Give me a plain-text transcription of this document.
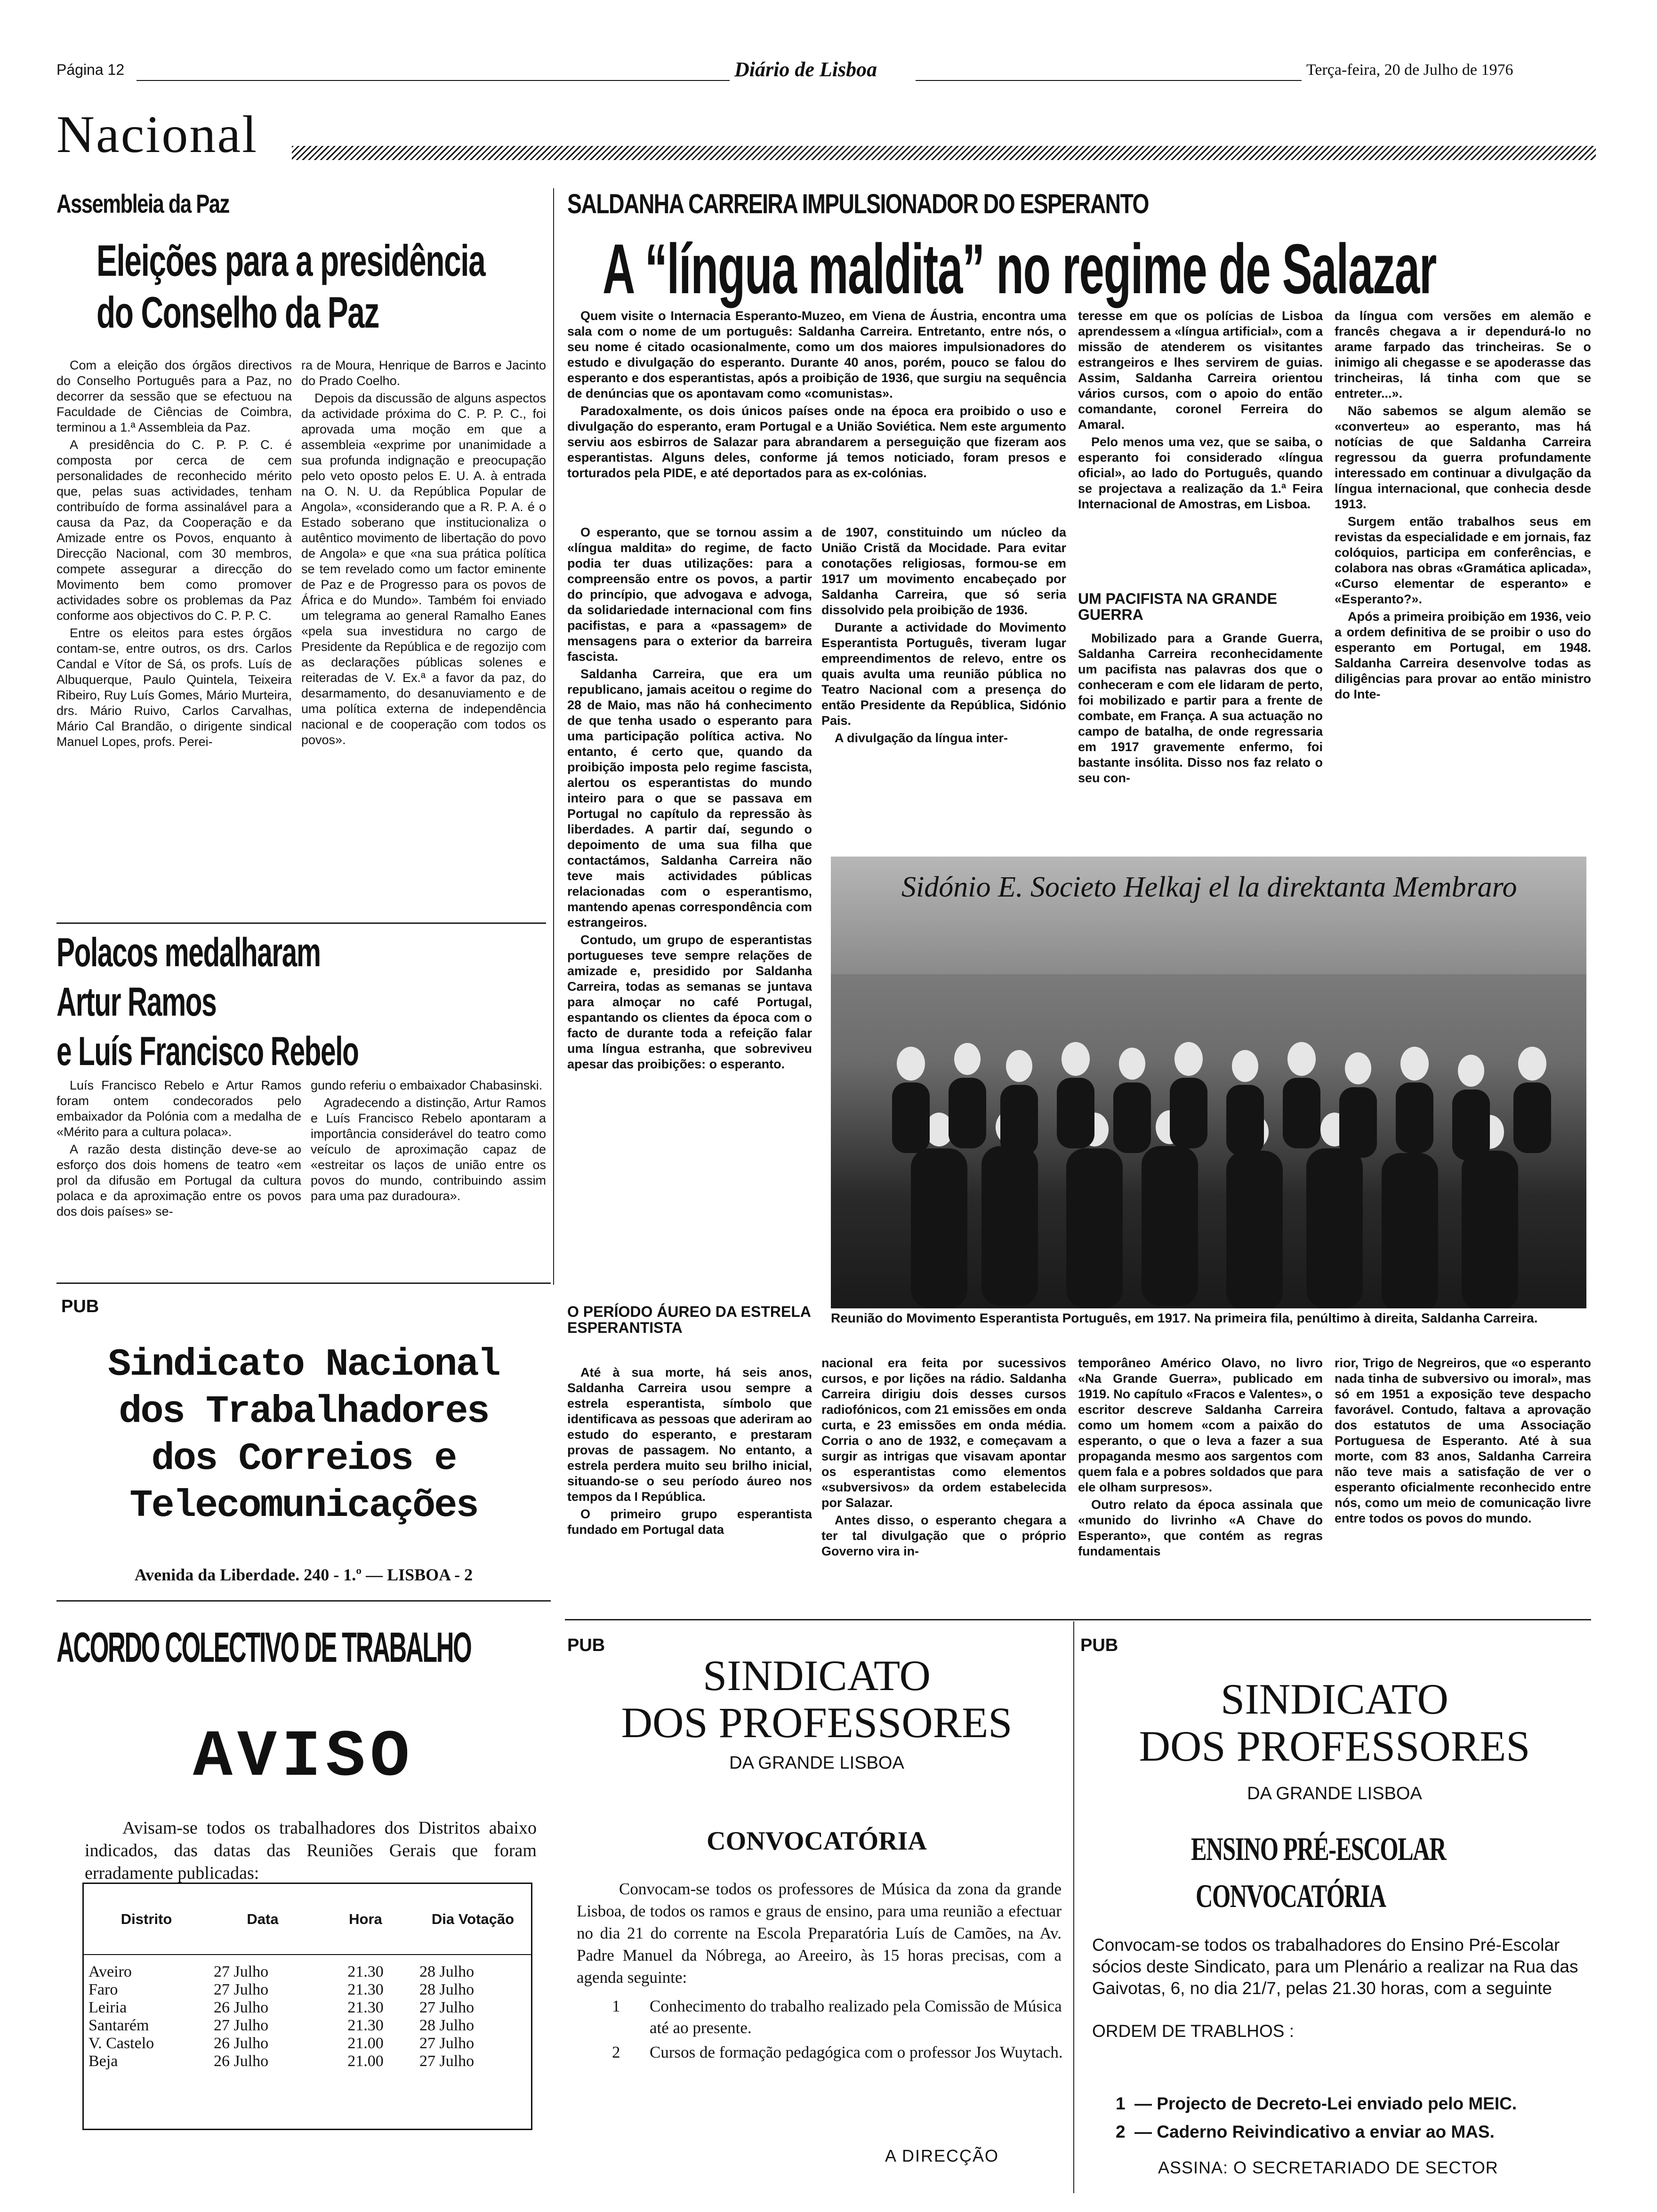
Página 12	Diário de Lisboa	Terça-feira, 20 de Julho de 1976
Nacional
Assembleia da Paz
Eleições para a presidência
do Conselho da Paz

Com a eleição dos órgãos directivos do Conselho Português para a Paz, no decorrer da sessão que se efectuou na Faculdade de Ciências de Coimbra, terminou a 1.ª Assembleia da Paz.

A presidência do C. P. P. C. é composta por cerca de cem personalidades de reconhecido mérito que, pelas suas actividades, tenham contribuído de forma assinalável para a causa da Paz, da Cooperação e da Amizade entre os Povos, enquanto à Direcção Nacional, com 30 membros, compete assegurar a direcção do Movimento bem como promover actividades sobre os problemas da Paz conforme aos objectivos do C. P. P. C.

Entre os eleitos para estes órgãos contam-se, entre outros, os drs. Carlos Candal e Vítor de Sá, os profs. Luís de Albuquerque, Paulo Quintela, Teixeira Ribeiro, Ruy Luís Gomes, Mário Murteira, drs. Mário Ruivo, Carlos Carvalhas, Mário Cal Brandão, o dirigente sindical Manuel Lopes, profs. Perei-

ra de Moura, Henrique de Barros e Jacinto do Prado Coelho.

Depois da discussão de alguns aspectos da actividade próxima do C. P. P. C., foi aprovada uma moção em que a assembleia «exprime por unanimidade a sua profunda indignação e preocupação pelo veto oposto pelos E. U. A. à entrada na O. N. U. da República Popular de Angola», «considerando que a R. P. A. é o Estado soberano que institucionaliza o autêntico movimento de libertação do povo de Angola» e que «na sua prática política se tem revelado como um factor eminente de Paz e de Progresso para os povos de África e do Mundo». Também foi enviado um telegrama ao general Ramalho Eanes «pela sua investidura no cargo de Presidente da República e de regozijo com as declarações públicas solenes e reiteradas de V. Ex.ª a favor da paz, do desarmamento, do desanuviamento e de uma política externa de independência nacional e de cooperação com todos os povos».

Polacos medalharam
Artur Ramos
e Luís Francisco Rebelo

Luís Francisco Rebelo e Artur Ramos foram ontem condecorados pelo embaixador da Polónia com a medalha de «Mérito para a cultura polaca».

A razão desta distinção deve-se ao esforço dos dois homens de teatro «em prol da difusão em Portugal da cultura polaca e da aproximação entre os povos dos dois países» se-

gundo referiu o embaixador Chabasinski.

Agradecendo a distinção, Artur Ramos e Luís Francisco Rebelo apontaram a importância considerável do teatro como veículo de aproximação capaz de «estreitar os laços de união entre os povos do mundo, contribuindo assim para uma paz duradoura».

SALDANHA CARREIRA IMPULSIONADOR DO ESPERANTO
A “língua maldita” no regime de Salazar

Quem visite o Internacia Esperanto-Muzeo, em Viena de Áustria, encontra uma sala com o nome de um português: Saldanha Carreira. Entretanto, entre nós, o seu nome é citado ocasionalmente, como um dos maiores impulsionadores do estudo e divulgação do esperanto. Durante 40 anos, porém, pouco se falou do esperanto e dos esperantistas, após a proibição de 1936, que surgiu na sequência de denúncias que os apontavam como «comunistas».

Paradoxalmente, os dois únicos países onde na época era proibido o uso e divulgação do esperanto, eram Portugal e a União Soviética. Nem este argumento serviu aos esbirros de Salazar para abrandarem a perseguição que fizeram aos esperantistas. Alguns deles, conforme já temos noticiado, foram presos e torturados pela PIDE, e até deportados para as ex-colónias.

O esperanto, que se tornou assim a «língua maldita» do regime, de facto podia ter duas utilizações: para a compreensão entre os povos, a partir do princípio, que advogava e advoga, da solidariedade internacional com fins pacifistas, e para a «passagem» de mensagens para o exterior da barreira fascista.

Saldanha Carreira, que era um republicano, jamais aceitou o regime do 28 de Maio, mas não há conhecimento de que tenha usado o esperanto para uma participação política activa. No entanto, é certo que, quando da proibição imposta pelo regime fascista, alertou os esperantistas do mundo inteiro para o que se passava em Portugal no capítulo da repressão às liberdades. A partir daí, segundo o depoimento de uma sua filha que contactámos, Saldanha Carreira não teve mais actividades públicas relacionadas com o esperantismo, mantendo apenas correspondência com estrangeiros.

Contudo, um grupo de esperantistas portugueses teve sempre relações de amizade e, presidido por Saldanha Carreira, todas as semanas se juntava para almoçar no café Portugal, espantando os clientes da época com o facto de durante toda a refeição falar uma língua estranha, que sobreviveu apesar das proibições: o esperanto.

de 1907, constituindo um núcleo da União Cristã da Mocidade. Para evitar conotações religiosas, formou-se em 1917 um movimento encabeçado por Saldanha Carreira, que só seria dissolvido pela proibição de 1936.

Durante a actividade do Movimento Esperantista Português, tiveram lugar empreendimentos de relevo, entre os quais avulta uma reunião pública no Teatro Nacional com a presença do então Presidente da República, Sidónio Pais.

A divulgação da língua inter-

teresse em que os polícias de Lisboa aprendessem a «língua artificial», com a missão de atenderem os visitantes estrangeiros e lhes servirem de guias. Assim, Saldanha Carreira orientou vários cursos, com o apoio do então comandante, coronel Ferreira do Amaral.

Pelo menos uma vez, que se saiba, o esperanto foi considerado «língua oficial», ao lado do Português, quando se projectava a realização da 1.ª Feira Internacional de Amostras, em Lisboa.

UM PACIFISTA NA GRANDE GUERRA

Mobilizado para a Grande Guerra, Saldanha Carreira reconhecidamente um pacifista nas palavras dos que o conheceram e com ele lidaram de perto, foi mobilizado e partir para a frente de combate, em França. A sua actuação no campo de batalha, de onde regressaria em 1917 gravemente enfermo, foi bastante insólita. Disso nos faz relato o seu con-

da língua com versões em alemão e francês chegava a ir dependurá-lo no arame farpado das trincheiras. Se o inimigo ali chegasse e se apoderasse das trincheiras, lá tinha com que se entreter...».

Não sabemos se algum alemão se «converteu» ao esperanto, mas há notícias de que Saldanha Carreira regressou da guerra profundamente interessado em continuar a divulgação da língua internacional, que conhecia desde 1913.

Surgem então trabalhos seus em revistas da especialidade e em jornais, faz colóquios, participa em conferências, e colabora nas obras «Gramática aplicada», «Curso elementar de esperanto» e «Esperanto?».

Após a primeira proibição em 1936, veio a ordem definitiva de se proibir o uso do esperanto em Portugal, em 1948. Saldanha Carreira desenvolve todas as diligências para provar ao então ministro do Inte-

Sidónio E. Societo Helkaj el la direktanta Membraro
Reunião do Movimento Esperantista Português, em 1917. Na primeira fila, penúltimo à direita, Saldanha Carreira.
O PERÍODO ÁUREO DA ESTRELA ESPERANTISTA

Até à sua morte, há seis anos, Saldanha Carreira usou sempre a estrela esperantista, símbolo que identificava as pessoas que aderiram ao estudo do esperanto, e prestaram provas de passagem. No entanto, a estrela perdera muito seu brilho inicial, situando-se o seu período áureo nos tempos da I República.

O primeiro grupo esperantista fundado em Portugal data

nacional era feita por sucessivos cursos, e por lições na rádio. Saldanha Carreira dirigiu dois desses cursos radiofónicos, com 21 emissões em onda curta, e 23 emissões em onda média. Corria o ano de 1932, e começavam a surgir as intrigas que visavam apontar os esperantistas como elementos «subversivos» da ordem estabelecida por Salazar.

Antes disso, o esperanto chegara a ter tal divulgação que o próprio Governo vira in-

temporâneo Américo Olavo, no livro «Na Grande Guerra», publicado em 1919. No capítulo «Fracos e Valentes», o escritor descreve Saldanha Carreira como um homem «com a paixão do esperanto, o que o leva a fazer a sua propaganda mesmo aos sargentos com quem fala e a pobres soldados que para ele olham surpresos».

Outro relato da época assinala que «munido do livrinho «A Chave do Esperanto», que contém as regras fundamentais

rior, Trigo de Negreiros, que «o esperanto nada tinha de subversivo ou imoral», mas só em 1951 a exposição teve despacho favorável. Contudo, faltava a aprovação dos estatutos de uma Associação Portuguesa de Esperanto. Até à sua morte, com 83 anos, Saldanha Carreira não teve mais a satisfação de ver o esperanto oficialmente reconhecido entre nós, como um meio de comunicação livre entre todos os povos do mundo.

PUB
Sindicato Nacional
dos Trabalhadores
dos Correios e
Telecomunicações
Avenida da Liberdade. 240 - 1.º — LISBOA - 2
ACORDO COLECTIVO DE TRABALHO
AVISO
Avisam-se todos os trabalhadores dos Distritos abaixo indicados, das datas das Reuniões Gerais que foram erradamente publicadas:
Distrito	Data	Hora	Dia Votação

Aveiro	27 Julho	21.30	28 Julho
Faro	27 Julho	21.30	28 Julho
Leiria	26 Julho	21.30	27 Julho
Santarém	27 Julho	21.30	28 Julho
V. Castelo	26 Julho	21.00	27 Julho
Beja	26 Julho	21.00	27 Julho
PUB
SINDICATO
DOS PROFESSORES
DA GRANDE LISBOA
CONVOCATÓRIA
Convocam-se todos os professores de Música da zona da grande Lisboa, de todos os ramos e graus de ensino, para uma reunião a efectuar no dia 21 do corrente na Escola Preparatória Luís de Camões, na Av. Padre Manuel da Nóbrega, ao Areeiro, às 15 horas precisas, com a agenda seguinte:
1	Conhecimento do trabalho realizado pela Comissão de Música até ao presente.
2	Cursos de formação pedagógica com o professor Jos Wuytach.
A DIRECÇÃO
PUB
SINDICATO
DOS PROFESSORES
DA GRANDE LISBOA
ENSINO PRÉ-ESCOLAR
CONVOCATÓRIA
Convocam-se todos os trabalhadores do Ensino Pré-Escolar sócios deste Sindicato, para um Plenário a realizar na Rua das Gaivotas, 6, no dia 21/7, pelas 21.30 horas, com a seguinte
ORDEM DE TRABLHOS :
1 — Projecto de Decreto-Lei enviado pelo MEIC.
2 — Caderno Reivindicativo a enviar ao MAS.
ASSINA: O SECRETARIADO DE SECTOR
